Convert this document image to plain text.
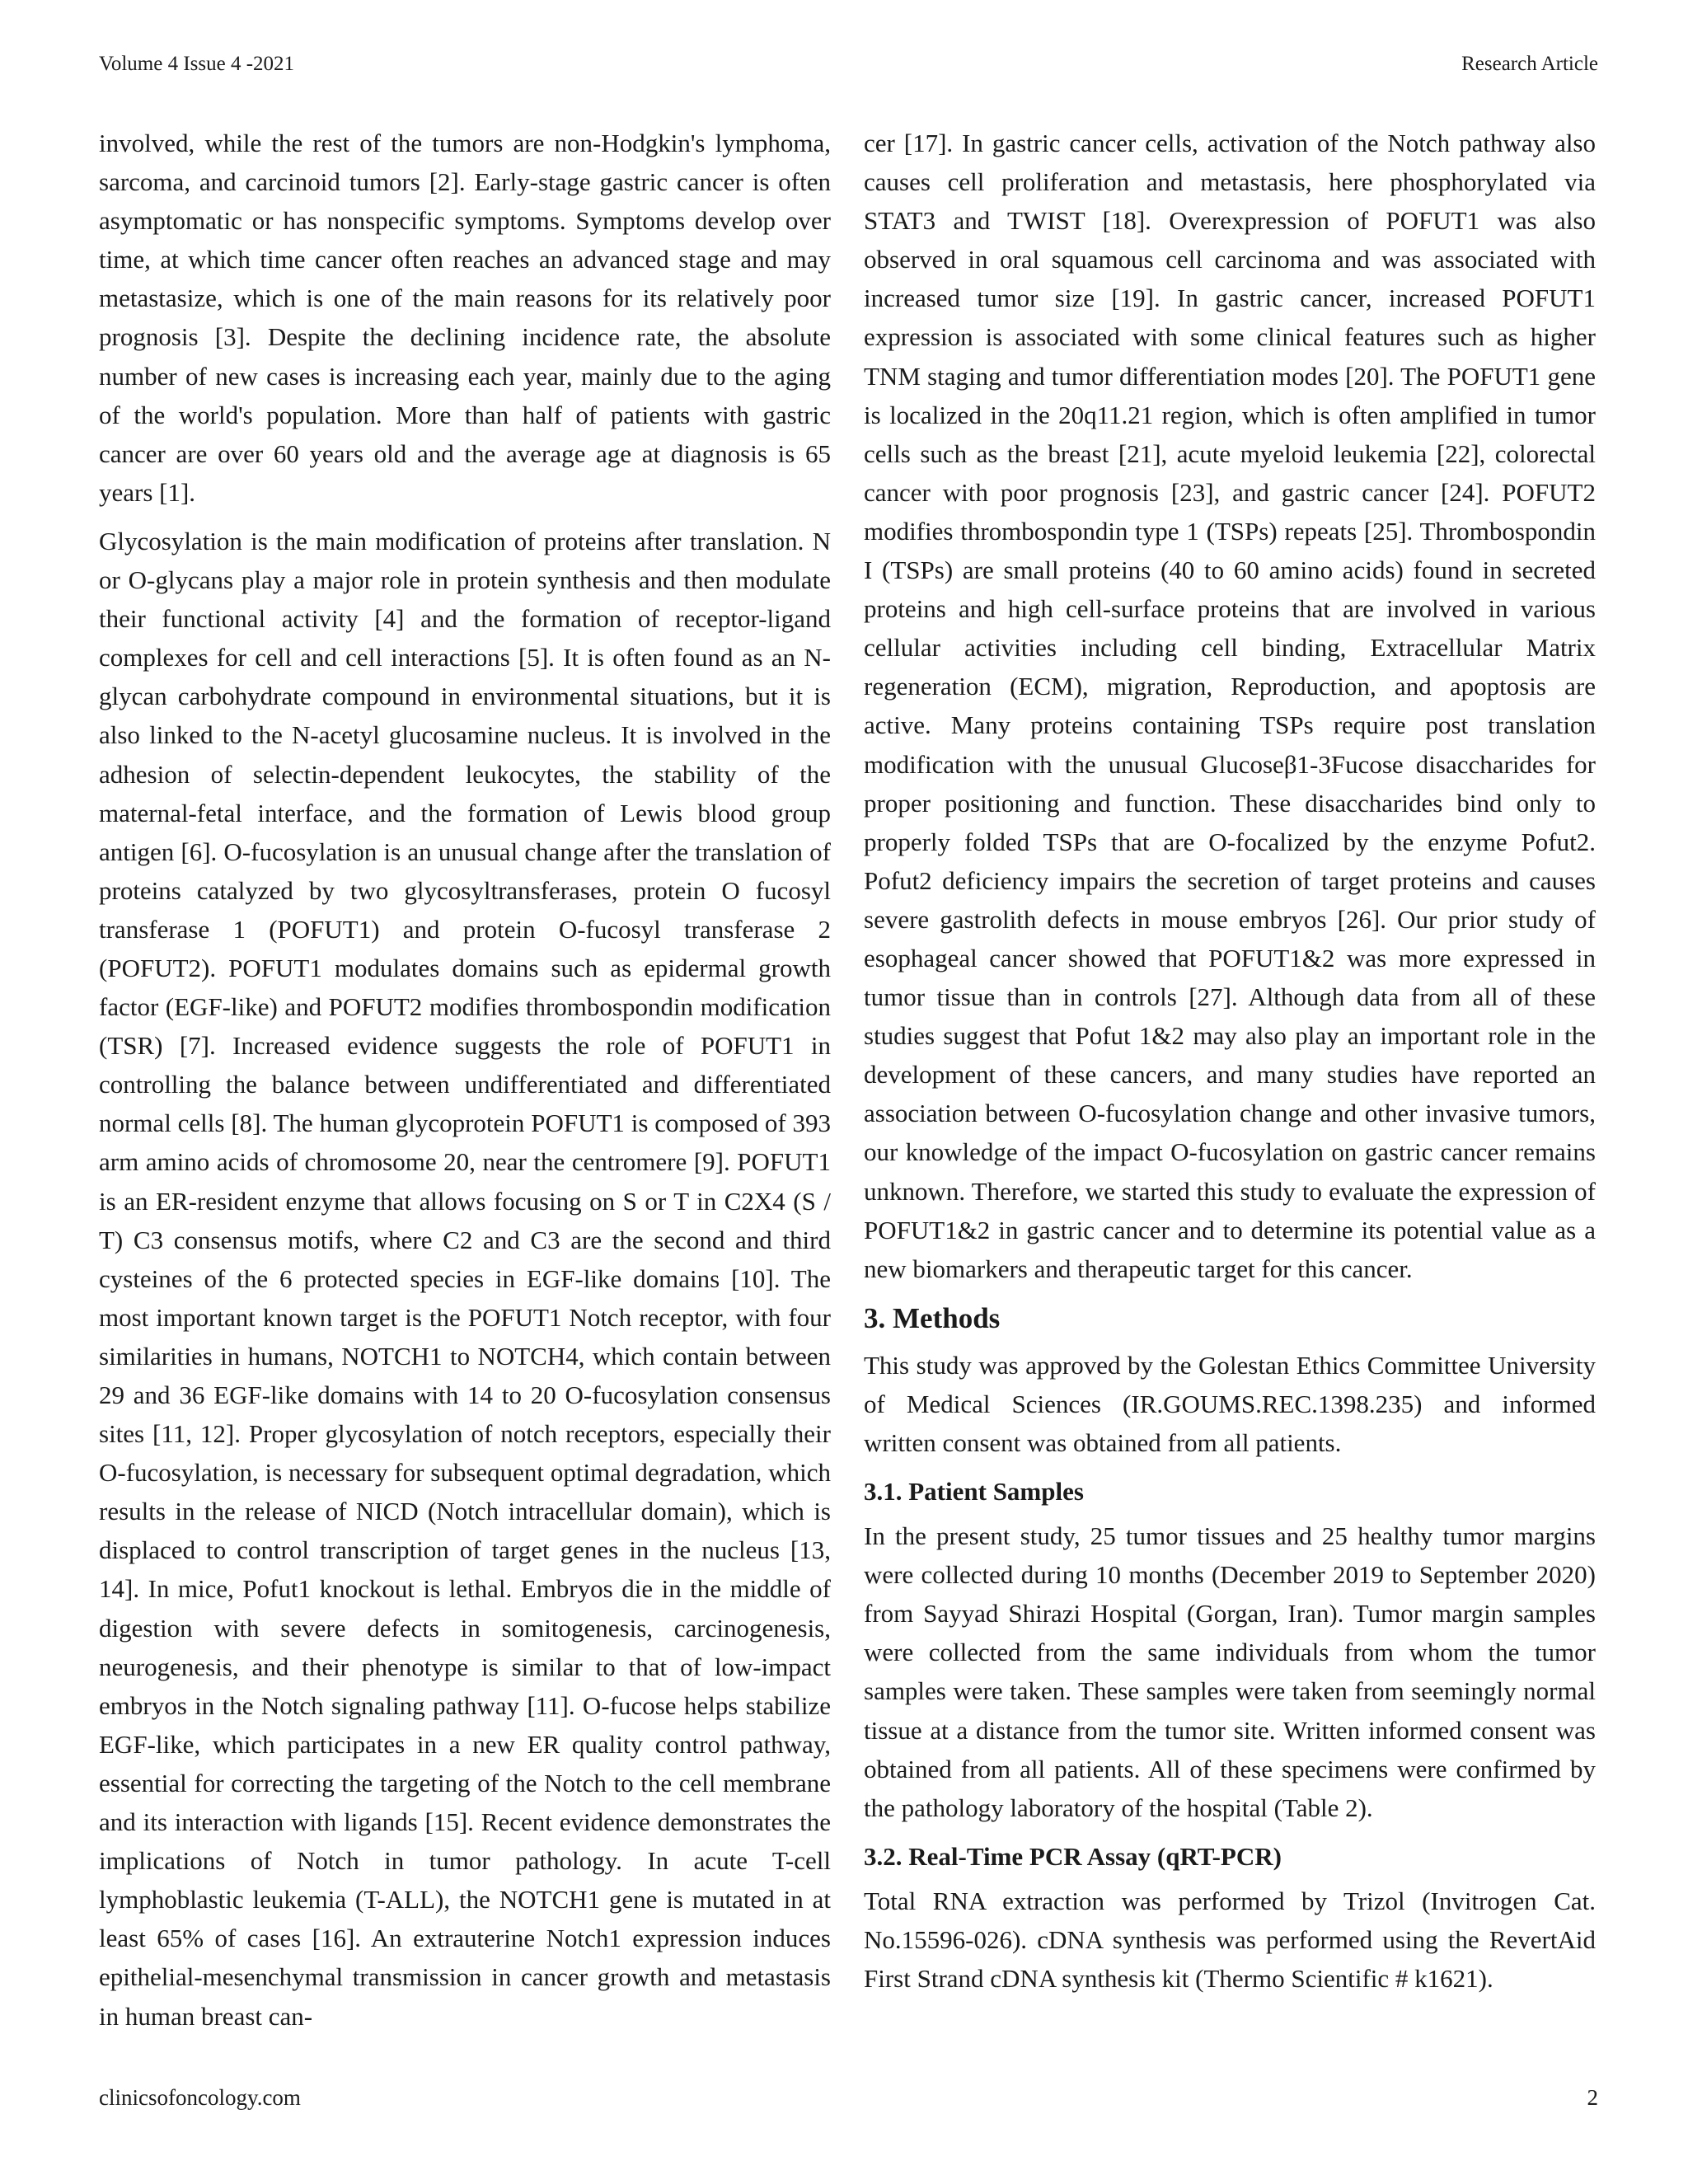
Volume 4 Issue 4 -2021	Research Article

involved, while the rest of the tumors are non-Hodgkin's lymphoma, sarcoma, and carcinoid tumors [2]. Early-stage gastric cancer is often asymptomatic or has nonspecific symptoms. Symptoms develop over time, at which time cancer often reaches an advanced stage and may metastasize, which is one of the main reasons for its relatively poor prognosis [3]. Despite the declining incidence rate, the absolute number of new cases is increasing each year, mainly due to the aging of the world's population. More than half of patients with gastric cancer are over 60 years old and the average age at diagnosis is 65 years [1].

Glycosylation is the main modification of proteins after translation. N or O-glycans play a major role in protein synthesis and then modulate their functional activity [4] and the formation of receptor-ligand complexes for cell and cell interactions [5]. It is often found as an N-glycan carbohydrate compound in environmental situations, but it is also linked to the N-acetyl glucosamine nucleus. It is involved in the adhesion of selectin-dependent leukocytes, the stability of the maternal-fetal interface, and the formation of Lewis blood group antigen [6]. O-fucosylation is an unusual change after the translation of proteins catalyzed by two glycosyltransferases, protein O fucosyl transferase 1 (POFUT1) and protein O-fucosyl transferase 2 (POFUT2). POFUT1 modulates domains such as epidermal growth factor (EGF-like) and POFUT2 modifies thrombospondin modification (TSR) [7]. Increased evidence suggests the role of POFUT1 in controlling the balance between undifferentiated and differentiated normal cells [8]. The human glycoprotein POFUT1 is composed of 393 arm amino acids of chromosome 20, near the centromere [9]. POFUT1 is an ER-resident enzyme that allows focusing on S or T in C2X4 (S / T) C3 consensus motifs, where C2 and C3 are the second and third cysteines of the 6 protected species in EGF-like domains [10]. The most important known target is the POFUT1 Notch receptor, with four similarities in humans, NOTCH1 to NOTCH4, which contain between 29 and 36 EGF-like domains with 14 to 20 O-fucosylation consensus sites [11, 12]. Proper glycosylation of notch receptors, especially their O-fucosylation, is necessary for subsequent optimal degradation, which results in the release of NICD (Notch intracellular domain), which is displaced to control transcription of target genes in the nucleus [13, 14]. In mice, Pofut1 knockout is lethal. Embryos die in the middle of digestion with severe defects in somitogenesis, carcinogenesis, neurogenesis, and their phenotype is similar to that of low-impact embryos in the Notch signaling pathway [11]. O-fucose helps stabilize EGF-like, which participates in a new ER quality control pathway, essential for correcting the targeting of the Notch to the cell membrane and its interaction with ligands [15]. Recent evidence demonstrates the implications of Notch in tumor pathology. In acute T-cell lymphoblastic leukemia (T-ALL), the NOTCH1 gene is mutated in at least 65% of cases [16]. An extrauterine Notch1 expression induces epithelial-mesenchymal transmission in cancer growth and metastasis in human breast can-

cer [17]. In gastric cancer cells, activation of the Notch pathway also causes cell proliferation and metastasis, here phosphorylated via STAT3 and TWIST [18]. Overexpression of POFUT1 was also observed in oral squamous cell carcinoma and was associated with increased tumor size [19]. In gastric cancer, increased POFUT1 expression is associated with some clinical features such as higher TNM staging and tumor differentiation modes [20]. The POFUT1 gene is localized in the 20q11.21 region, which is often amplified in tumor cells such as the breast [21], acute myeloid leukemia [22], colorectal cancer with poor prognosis [23], and gastric cancer [24]. POFUT2 modifies thrombospondin type 1 (TSPs) repeats [25]. Thrombospondin I (TSPs) are small proteins (40 to 60 amino acids) found in secreted proteins and high cell-surface proteins that are involved in various cellular activities including cell binding, Extracellular Matrix regeneration (ECM), migration, Reproduction, and apoptosis are active. Many proteins containing TSPs require post translation modification with the unusual Glucoseβ1-3Fucose disaccharides for proper positioning and function. These disaccharides bind only to properly folded TSPs that are O-focalized by the enzyme Pofut2. Pofut2 deficiency impairs the secretion of target proteins and causes severe gastrolith defects in mouse embryos [26]. Our prior study of esophageal cancer showed that POFUT1&2 was more expressed in tumor tissue than in controls [27]. Although data from all of these studies suggest that Pofut 1&2 may also play an important role in the development of these cancers, and many studies have reported an association between O-fucosylation change and other invasive tumors, our knowledge of the impact O-fucosylation on gastric cancer remains unknown. Therefore, we started this study to evaluate the expression of POFUT1&2 in gastric cancer and to determine its potential value as a new biomarkers and therapeutic target for this cancer.

3. Methods

This study was approved by the Golestan Ethics Committee University of Medical Sciences (IR.GOUMS.REC.1398.235) and informed written consent was obtained from all patients.

3.1. Patient Samples

In the present study, 25 tumor tissues and 25 healthy tumor margins were collected during 10 months (December 2019 to September 2020) from Sayyad Shirazi Hospital (Gorgan, Iran). Tumor margin samples were collected from the same individuals from whom the tumor samples were taken. These samples were taken from seemingly normal tissue at a distance from the tumor site. Written informed consent was obtained from all patients. All of these specimens were confirmed by the pathology laboratory of the hospital (Table 2).

3.2. Real-Time PCR Assay (qRT-PCR)

Total RNA extraction was performed by Trizol (Invitrogen Cat. No.15596-026). cDNA synthesis was performed using the RevertAid First Strand cDNA synthesis kit (Thermo Scientific # k1621).

clinicsofoncology.com	2
